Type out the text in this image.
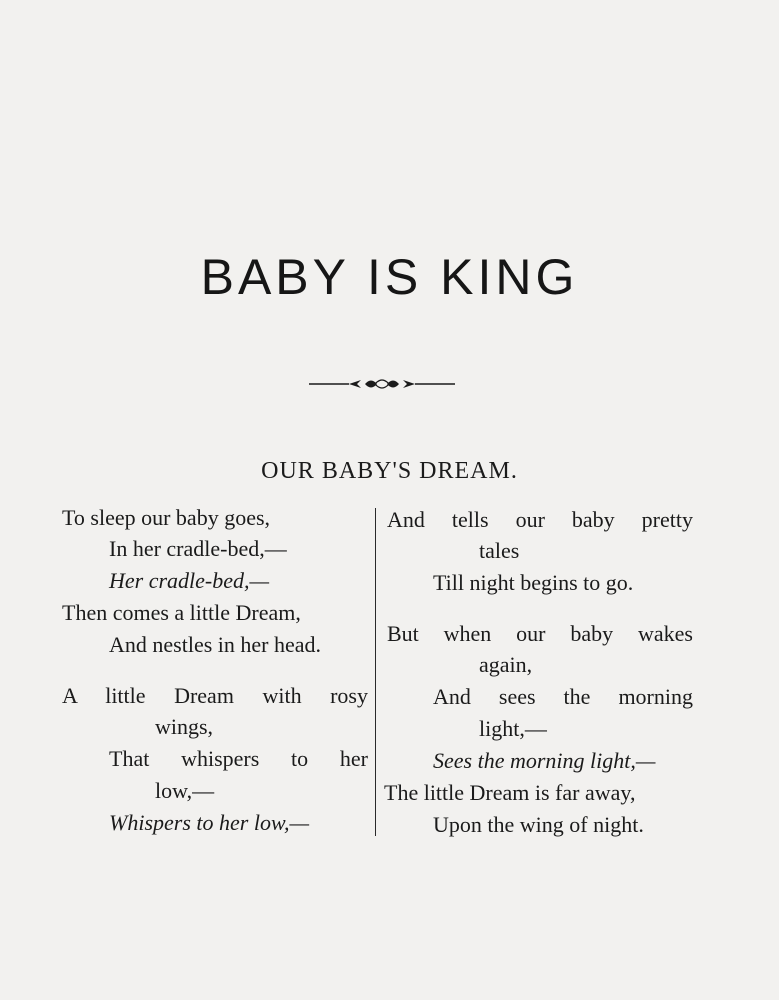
BABY IS KING
OUR BABY'S DREAM.
To sleep our baby goes,
In her cradle-bed,—
Her cradle-bed,—
Then comes a little Dream,
And nestles in her head.
A little Dream with rosy
wings,
That whispers to her
low,—
Whispers to her low,—
And tells our baby pretty
tales
Till night begins to go.
But when our baby wakes
again,
And sees the morning
light,—
Sees the morning light,—
The little Dream is far away,
Upon the wing of night.
